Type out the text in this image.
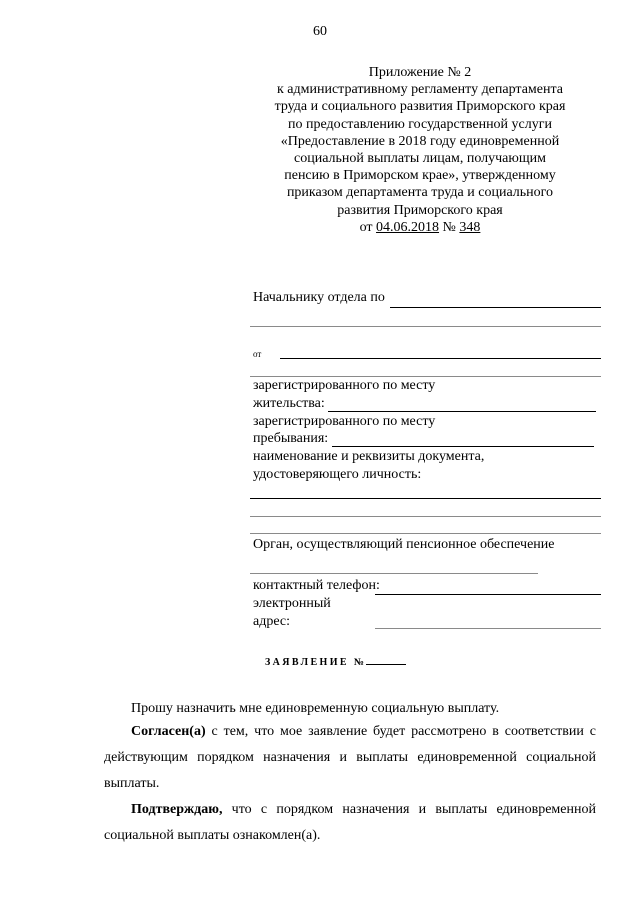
60
Приложение № 2
к административному регламенту департамента
труда и социального развития Приморского края
по предоставлению государственной услуги
«Предоставление в 2018 году единовременной
социальной выплаты лицам, получающим
пенсию в Приморском крае», утвержденному
приказом департамента труда и социального
развития Приморского края
от 04.06.2018 № 348
Начальнику отдела по
от
зарегистрированного по месту
жительства:
зарегистрированного по месту
пребывания:
наименование и реквизиты документа,
удостоверяющего личность:
Орган, осуществляющий пенсионное обеспечение
контактный телефон:
электронный
адрес:
ЗАЯВЛЕНИЕ №
Прошу назначить мне единовременную социальную выплату.
Согласен(а) с тем, что мое заявление будет рассмотрено в соответствии с действующим порядком назначения и выплаты единовременной социальной выплаты.
Подтверждаю, что с порядком назначения и выплаты единовременной социальной выплаты ознакомлен(а).
